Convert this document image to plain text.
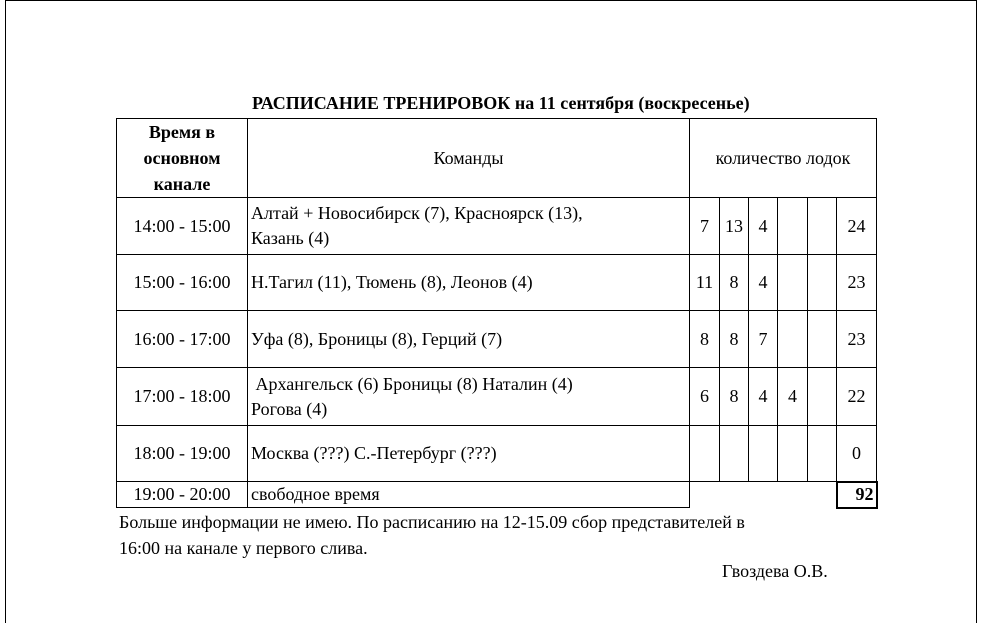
РАСПИСАНИЕ ТРЕНИРОВОК на 11 сентября (воскресенье)
Время в
основном
канале	Команды	количество лодок					
14:00 - 15:00	Алтай + Новосибирск (7), Красноярск (13),
Казань (4)	7	13	4			24
15:00 - 16:00	Н.Тагил (11), Тюмень (8), Леонов (4)	11	8	4			23
16:00 - 17:00	Уфа (8), Броницы (8), Герций (7)	8	8	7			23
17:00 - 18:00	Архангельск (6) Броницы (8) Наталин (4)
Рогова (4)	6	8	4	4		22
18:00 - 19:00	Москва (???) С.-Петербург (???)						0
19:00 - 20:00	свободное время						92
Больше информации не имею. По расписанию на 12-15.09 сбор представителей в
16:00 на канале у первого слива.
Гвоздева О.В.
